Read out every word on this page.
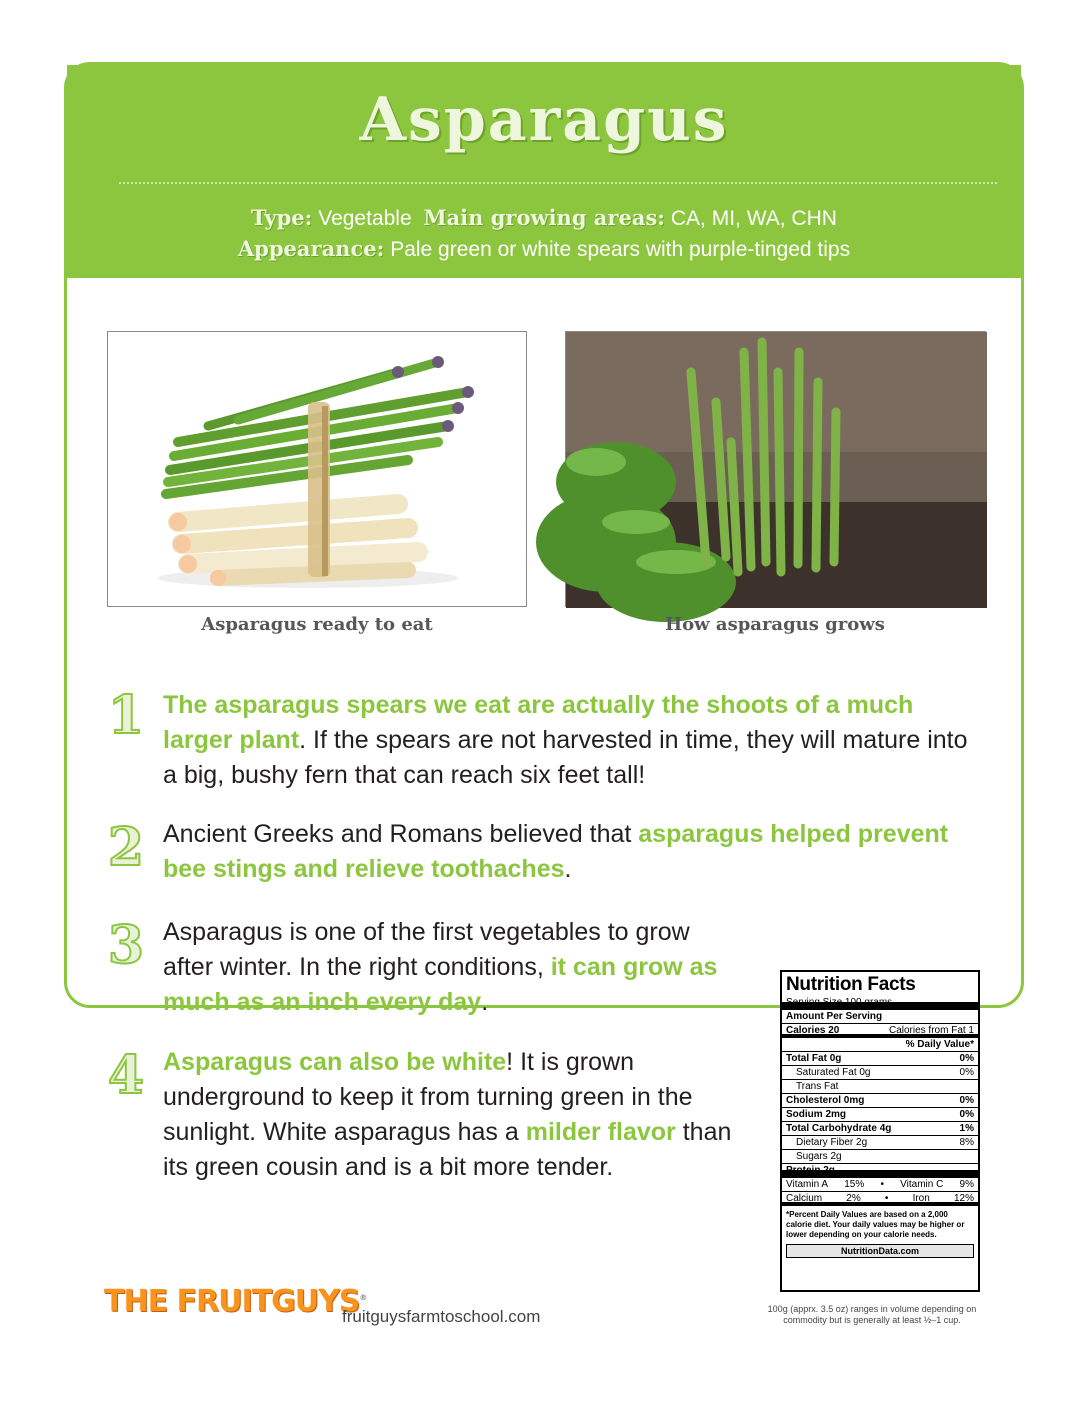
Asparagus
Type: Vegetable Main growing areas: CA, MI, WA, CHN
Appearance: Pale green or white spears with purple-tinged tips
Asparagus ready to eat	How asparagus grows
1 The asparagus spears we eat are actually the shoots of a much larger plant. If the spears are not harvested in time, they will mature into a big, bushy fern that can reach six feet tall!
2 Ancient Greeks and Romans believed that asparagus helped prevent bee stings and relieve toothaches.
3 Asparagus is one of the first vegetables to grow after winter. In the right conditions, it can grow as much as an inch every day.
4 Asparagus can also be white! It is grown underground to keep it from turning green in the sunlight. White asparagus has a milder flavor than its green cousin and is a bit more tender.
Nutrition Facts
Serving Size 100 grams
Amount Per Serving
Calories 20	Calories from Fat 1
% Daily Value*
Total Fat 0g	0%
Saturated Fat 0g	0%
Trans Fat
Cholesterol 0mg	0%
Sodium 2mg	0%
Total Carbohydrate 4g	1%
Dietary Fiber 2g	8%
Sugars 2g
Protein 2g
Vitamin A 15% • Vitamin C 9%
Calcium 2% • Iron 12%
*Percent Daily Values are based on a 2,000 calorie diet. Your daily values may be higher or lower depending on your calorie needs.
NutritionData.com
100g (apprx. 3.5 oz) ranges in volume depending on commodity but is generally at least ½–1 cup.
THE FRUITGUYS®
fruitguysfarmtoschool.com
